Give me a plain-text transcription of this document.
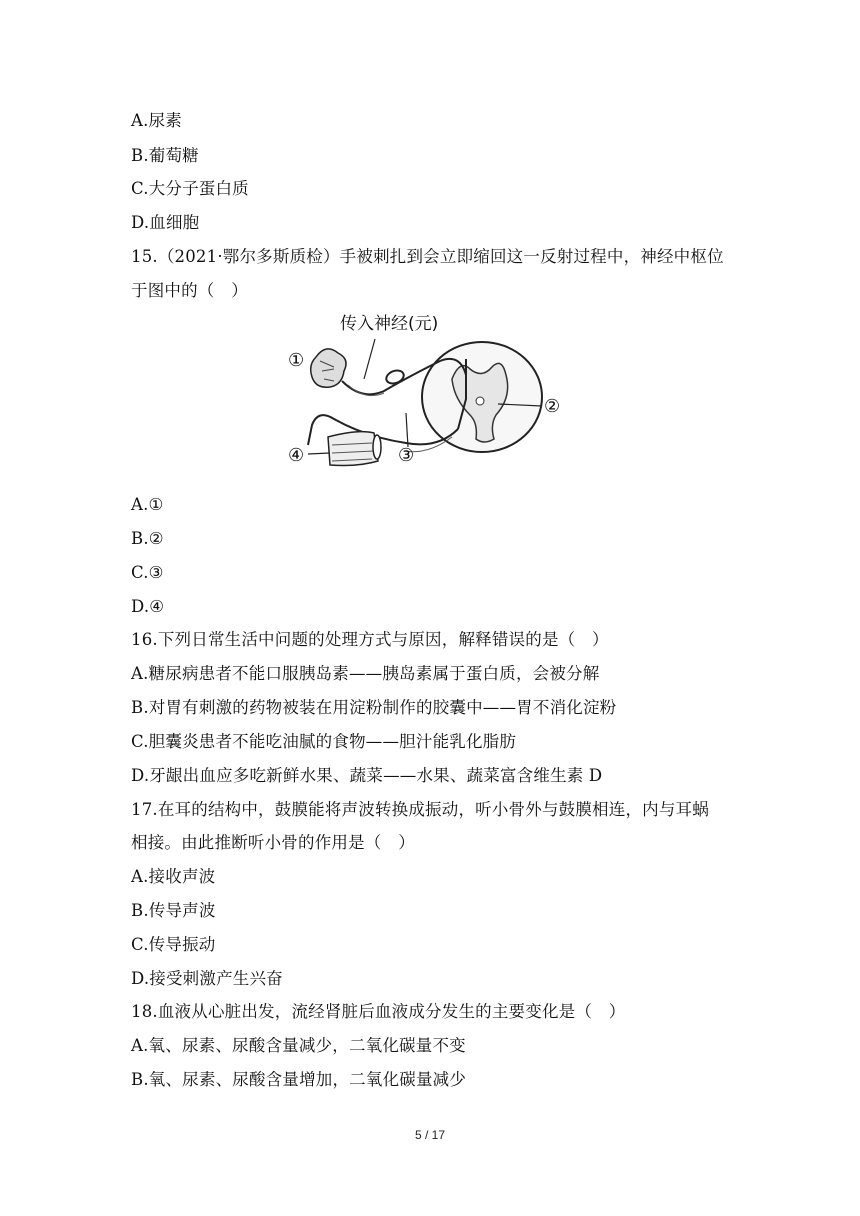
A.尿素
B.葡萄糖
C.大分子蛋白质
D.血细胞
15.（2021·鄂尔多斯质检）手被刺扎到会立即缩回这一反射过程中，神经中枢位
于图中的（　）
传入神经(元)
①
②
③
④
A.①
B.②
C.③
D.④
16.下列日常生活中问题的处理方式与原因，解释错误的是（　）
A.糖尿病患者不能口服胰岛素——胰岛素属于蛋白质，会被分解
B.对胃有刺激的药物被装在用淀粉制作的胶囊中——胃不消化淀粉
C.胆囊炎患者不能吃油腻的食物——胆汁能乳化脂肪
D.牙龈出血应多吃新鲜水果、蔬菜——水果、蔬菜富含维生素 D
17.在耳的结构中，鼓膜能将声波转换成振动，听小骨外与鼓膜相连，内与耳蜗
相接。由此推断听小骨的作用是（　）
A.接收声波
B.传导声波
C.传导振动
D.接受刺激产生兴奋
18.血液从心脏出发，流经肾脏后血液成分发生的主要变化是（　）
A.氧、尿素、尿酸含量减少，二氧化碳量不变
B.氧、尿素、尿酸含量增加，二氧化碳量减少
5 / 17
